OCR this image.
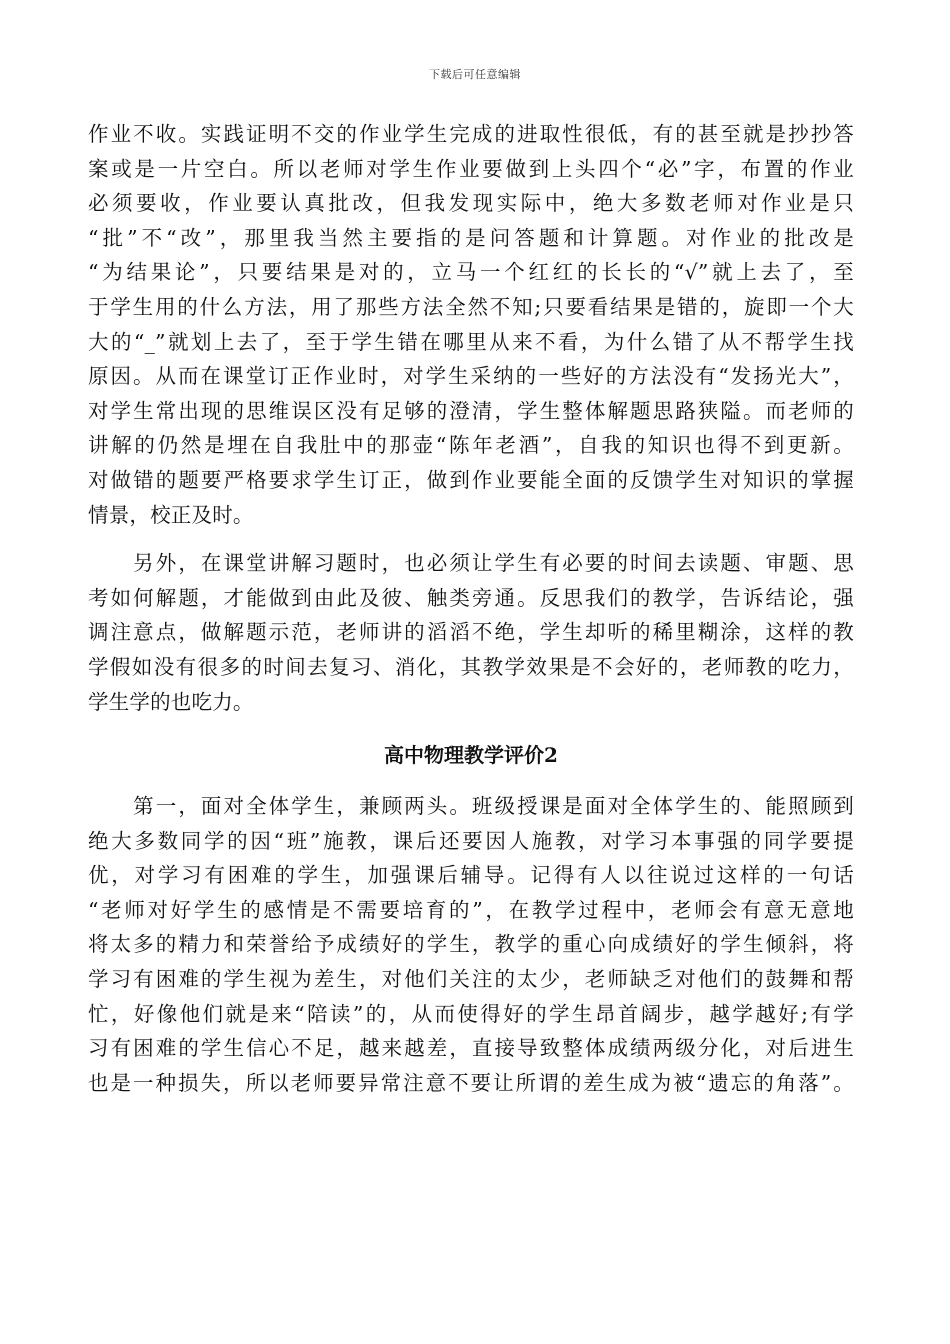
下载后可任意编辑
作业不收。实践证明不交的作业学生完成的进取性很低，有的甚至就是抄抄答
案或是一片空白。所以老师对学生作业要做到上头四个“必”字，布置的作业
必须要收，作业要认真批改，但我发现实际中，绝大多数老师对作业是只
“批”不“改”，那里我当然主要指的是问答题和计算题。对作业的批改是
“为结果论”，只要结果是对的，立马一个红红的长长的“√”就上去了，至
于学生用的什么方法，用了那些方法全然不知;只要看结果是错的，旋即一个大
大的“_”就划上去了，至于学生错在哪里从来不看，为什么错了从不帮学生找
原因。从而在课堂订正作业时，对学生采纳的一些好的方法没有“发扬光大”，
对学生常出现的思维误区没有足够的澄清，学生整体解题思路狭隘。而老师的
讲解的仍然是埋在自我肚中的那壶“陈年老酒”，自我的知识也得不到更新。
对做错的题要严格要求学生订正，做到作业要能全面的反馈学生对知识的掌握
情景，校正及时。
　　另外，在课堂讲解习题时，也必须让学生有必要的时间去读题、审题、思
考如何解题，才能做到由此及彼、触类旁通。反思我们的教学，告诉结论，强
调注意点，做解题示范，老师讲的滔滔不绝，学生却听的稀里糊涂，这样的教
学假如没有很多的时间去复习、消化，其教学效果是不会好的，老师教的吃力，
学生学的也吃力。
高中物理教学评价2
　　第一，面对全体学生，兼顾两头。班级授课是面对全体学生的、能照顾到
绝大多数同学的因“班”施教，课后还要因人施教，对学习本事强的同学要提
优，对学习有困难的学生，加强课后辅导。记得有人以往说过这样的一句话
“老师对好学生的感情是不需要培育的”，在教学过程中，老师会有意无意地
将太多的精力和荣誉给予成绩好的学生，教学的重心向成绩好的学生倾斜，将
学习有困难的学生视为差生，对他们关注的太少，老师缺乏对他们的鼓舞和帮
忙，好像他们就是来“陪读”的，从而使得好的学生昂首阔步，越学越好;有学
习有困难的学生信心不足，越来越差，直接导致整体成绩两级分化，对后进生
也是一种损失，所以老师要异常注意不要让所谓的差生成为被“遗忘的角落”。
